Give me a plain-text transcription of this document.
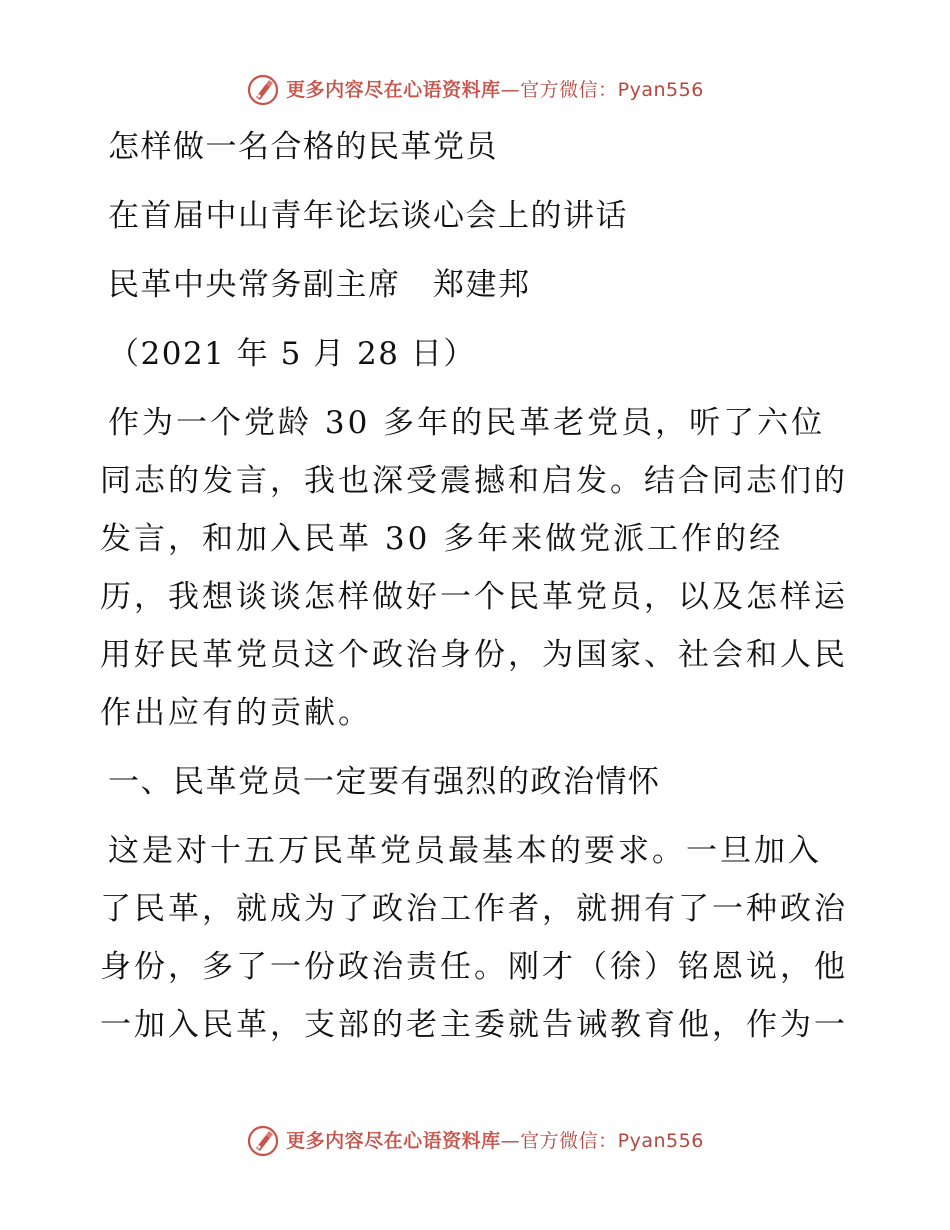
更多内容尽在心语资料库 —官方微信：Pyan556
怎样做一名合格的民革党员
在首届中山青年论坛谈心会上的讲话
民革中央常务副主席　郑建邦
（2021 年 5 月 28 日）
作为一个党龄 30 多年的民革老党员，听了六位同志的发言，我也深受震撼和启发。结合同志们的发言，和加入民革 30 多年来做党派工作的经历，我想谈谈怎样做好一个民革党员，以及怎样运用好民革党员这个政治身份，为国家、社会和人民作出应有的贡献。
一、民革党员一定要有强烈的政治情怀
这是对十五万民革党员最基本的要求。一旦加入了民革，就成为了政治工作者，就拥有了一种政治身份，多了一份政治责任。刚才（徐）铭恩说，他一加入民革，支部的老主委就告诫教育他，作为一
更多内容尽在心语资料库 —官方微信：Pyan556
